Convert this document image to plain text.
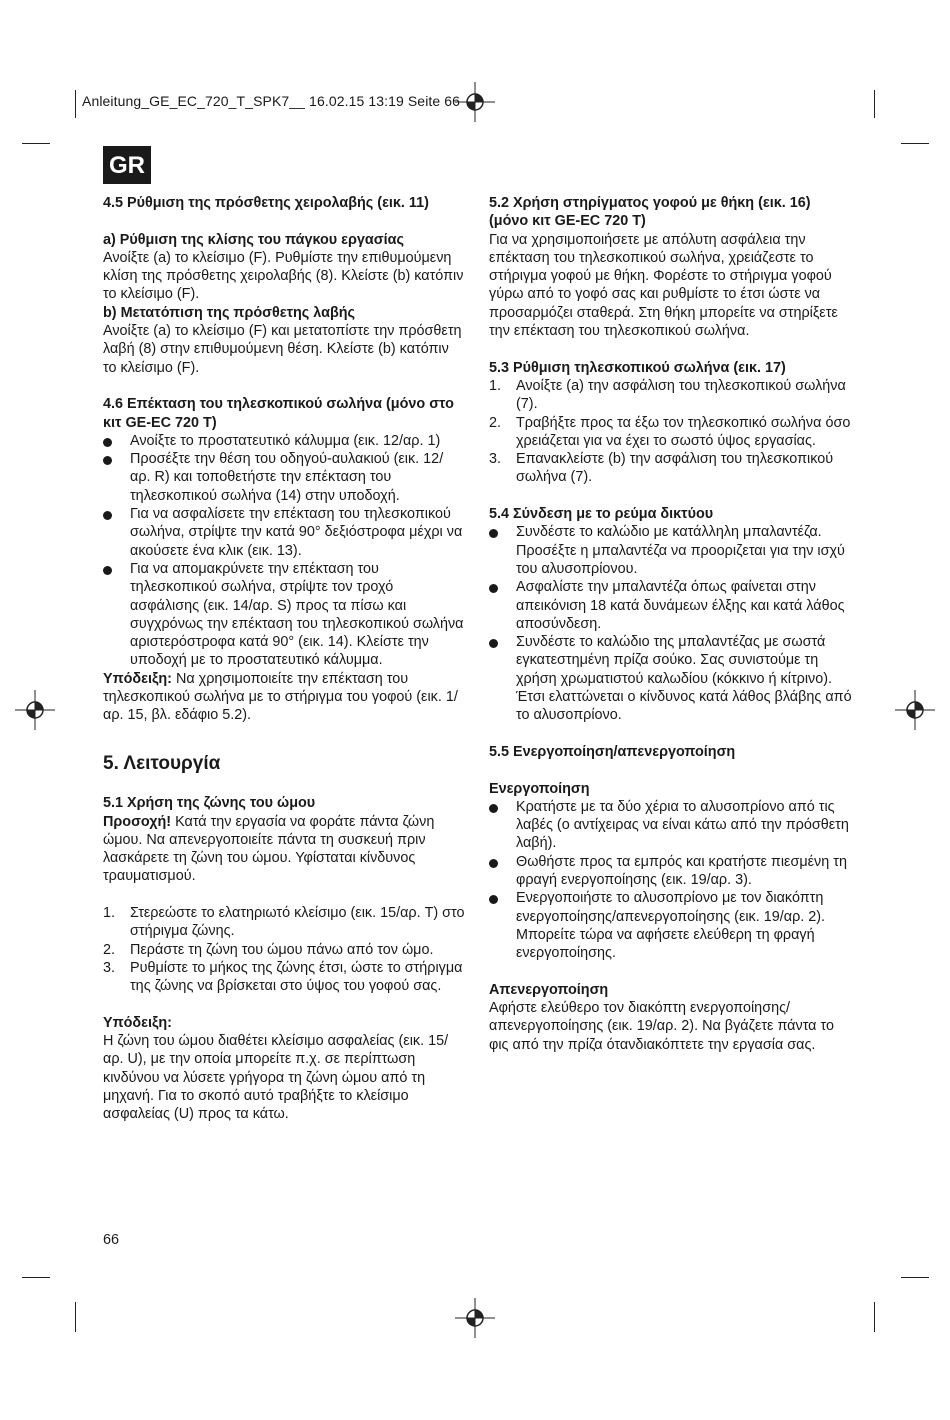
Anleitung_GE_EC_720_T_SPK7__ 16.02.15 13:19 Seite 66
GR

4.5 Ρύθμιση της πρόσθετης χειρολαβής (εικ. 11)

a) Ρύθμιση της κλίσης του πάγκου εργασίας

Ανοίξτε (a) το κλείσιμο (F). Ρυθμίστε την επιθυμούμενη κλίση της πρόσθετης χειρολαβής (8). Κλείστε (b) κατόπιν το κλείσιμο (F).

b) Μετατόπιση της πρόσθετης λαβής

Ανοίξτε (a) το κλείσιμο (F) και μετατοπίστε την πρόσθετη λαβή (8) στην επιθυμούμενη θέση. Κλείστε (b) κατόπιν το κλείσιμο (F).

4.6 Επέκταση του τηλεσκοπικού σωλήνα (μόνο στο κιτ GE-EC 720 T)

Ανοίξτε το προστατευτικό κάλυμμα (εικ. 12/αρ. 1)
Προσέξτε την θέση του οδηγού-αυλακιού (εικ. 12/ αρ. R) και τοποθετήστε την επέκταση του τηλεσκοπικού σωλήνα (14) στην υποδοχή.
Για να ασφαλίσετε την επέκταση του τηλεσκοπικού σωλήνα, στρίψτε την κατά 90° δεξιόστροφα μέχρι να ακούσετε ένα κλικ (εικ. 13).
Για να απομακρύνετε την επέκταση του τηλεσκοπικού σωλήνα, στρίψτε τον τροχό ασφάλισης (εικ. 14/αρ. S) προς τα πίσω και συγχρόνως την επέκταση του τηλεσκοπικού σωλήνα αριστερόστροφα κατά 90° (εικ. 14). Κλείστε την υποδοχή με το προστατευτικό κάλυμμα.

Υπόδειξη: Να χρησιμοποιείτε την επέκταση του τηλεσκοπικού σωλήνα με το στήριγμα του γοφού (εικ. 1/αρ. 15, βλ. εδάφιο 5.2).

5. Λειτουργία

5.1 Χρήση της ζώνης του ώμου

Προσοχή! Κατά την εργασία να φοράτε πάντα ζώνη ώμου. Να απενεργοποιείτε πάντα τη συσκευή πριν λασκάρετε τη ζώνη του ώμου. Υφίσταται κίνδυνος τραυματισμού.

1. Στερεώστε το ελατηριωτό κλείσιμο (εικ. 15/αρ. T) στο στήριγμα ζώνης.
2. Περάστε τη ζώνη του ώμου πάνω από τον ώμο.
3. Ρυθμίστε το μήκος της ζώνης έτσι, ώστε το στήριγμα της ζώνης να βρίσκεται στο ύψος του γοφού σας.

Υπόδειξη:

Η ζώνη του ώμου διαθέτει κλείσιμο ασφαλείας (εικ. 15/αρ. U), με την οποία μπορείτε π.χ. σε περίπτωση κινδύνου να λύσετε γρήγορα τη ζώνη ώμου από τη μηχανή. Για το σκοπό αυτό τραβήξτε το κλείσιμο ασφαλείας (U) προς τα κάτω.

5.2 Χρήση στηρίγματος γοφού με θήκη (εικ. 16) (μόνο κιτ GE-EC 720 T)

Για να χρησιμοποιήσετε με απόλυτη ασφάλεια την επέκταση του τηλεσκοπικού σωλήνα, χρειάζεστε το στήριγμα γοφού με θήκη. Φορέστε το στήριγμα γοφού γύρω από το γοφό σας και ρυθμίστε το έτσι ώστε να προσαρμόζει σταθερά. Στη θήκη μπορείτε να στηρίξετε την επέκταση του τηλεσκοπικού σωλήνα.

5.3 Ρύθμιση τηλεσκοπικού σωλήνα (εικ. 17)

1. Ανοίξτε (a) την ασφάλιση του τηλεσκοπικού σωλήνα (7).
2. Τραβήξτε προς τα έξω τον τηλεσκοπικό σωλήνα όσο χρειάζεται για να έχει το σωστό ύψος εργασίας.
3. Επανακλείστε (b) την ασφάλιση του τηλεσκοπικού σωλήνα (7).

5.4 Σύνδεση με το ρεύμα δικτύου

Συνδέστε το καλώδιο με κατάλληλη μπαλαντέζα. Προσέξτε η μπαλαντέζα να προοριζεται για την ισχύ του αλυσοπρίονου.
Ασφαλίστε την μπαλαντέζα όπως φαίνεται στην απεικόνιση 18 κατά δυνάμεων έλξης και κατά λάθος αποσύνδεση.
Συνδέστε το καλώδιο της μπαλαντέζας με σωστά εγκατεστημένη πρίζα σούκο. Σας συνιστούμε τη χρήση χρωματιστού καλωδίου (κόκκινο ή κίτρινο). Έτσι ελαττώνεται ο κίνδυνος κατά λάθος βλάβης από το αλυσοπρίονο.

5.5 Ενεργοποίηση/απενεργοποίηση

Ενεργοποίηση

Κρατήστε με τα δύο χέρια το αλυσοπρίονο από τις λαβές (ο αντίχειρας να είναι κάτω από την πρόσθετη λαβή).
Θωθήστε προς τα εμπρός και κρατήστε πιεσμένη τη φραγή ενεργοποίησης (εικ. 19/αρ. 3).
Ενεργοποιήστε το αλυσοπρίονο με τον διακόπτη ενεργοποίησης/απενεργοποίησης (εικ. 19/αρ. 2). Μπορείτε τώρα να αφήσετε ελεύθερη τη φραγή ενεργοποίησης.

Απενεργοποίηση

Αφήστε ελεύθερο τον διακόπτη ενεργοποίησης/απενεργοποίησης (εικ. 19/αρ. 2). Να βγάζετε πάντα το φις από την πρίζα ότανδιακόπτετε την εργασία σας.

66
